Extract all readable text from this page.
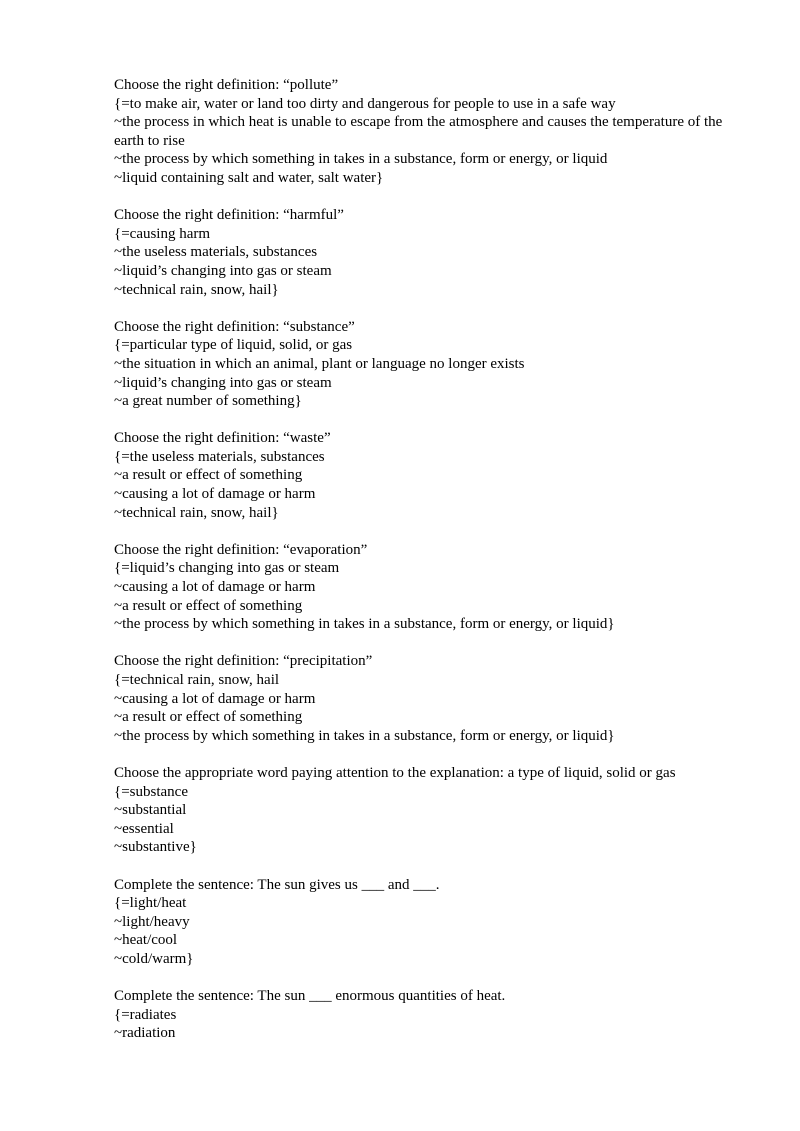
Choose the right definition: “pollute”
{=to make air, water or land too dirty and dangerous for people to use in a safe way
~the process in which heat is unable to escape from the atmosphere and causes the temperature of the earth to rise
~the process by which something in takes in a substance, form or energy, or liquid
~liquid containing salt and water, salt water}
Choose the right definition: “harmful”
{=causing harm
~the useless materials, substances
~liquid’s changing into gas or steam
~technical rain, snow, hail}
Choose the right definition: “substance”
{=particular type of liquid, solid, or gas
~the situation in which an animal, plant or language no longer exists
~liquid’s changing into gas or steam
~a great number of something}
Choose the right definition: “waste”
{=the useless materials, substances
~a result or effect of something
~causing a lot of damage or harm
~technical rain, snow, hail}
Choose the right definition: “evaporation”
{=liquid’s changing into gas or steam
~causing a lot of damage or harm
~a result or effect of something
~the process by which something in takes in a substance, form or energy, or liquid}
Choose the right definition: “precipitation”
{=technical rain, snow, hail
~causing a lot of damage or harm
~a result or effect of something
~the process by which something in takes in a substance, form or energy, or liquid}
Choose the appropriate word paying attention to the explanation: a type of liquid, solid or gas
{=substance
~substantial
~essential
~substantive}
Complete the sentence: The sun gives us ___ and ___.
{=light/heat
~light/heavy
~heat/cool
~cold/warm}
Complete the sentence: The sun ___ enormous quantities of heat.
{=radiates
~radiation
